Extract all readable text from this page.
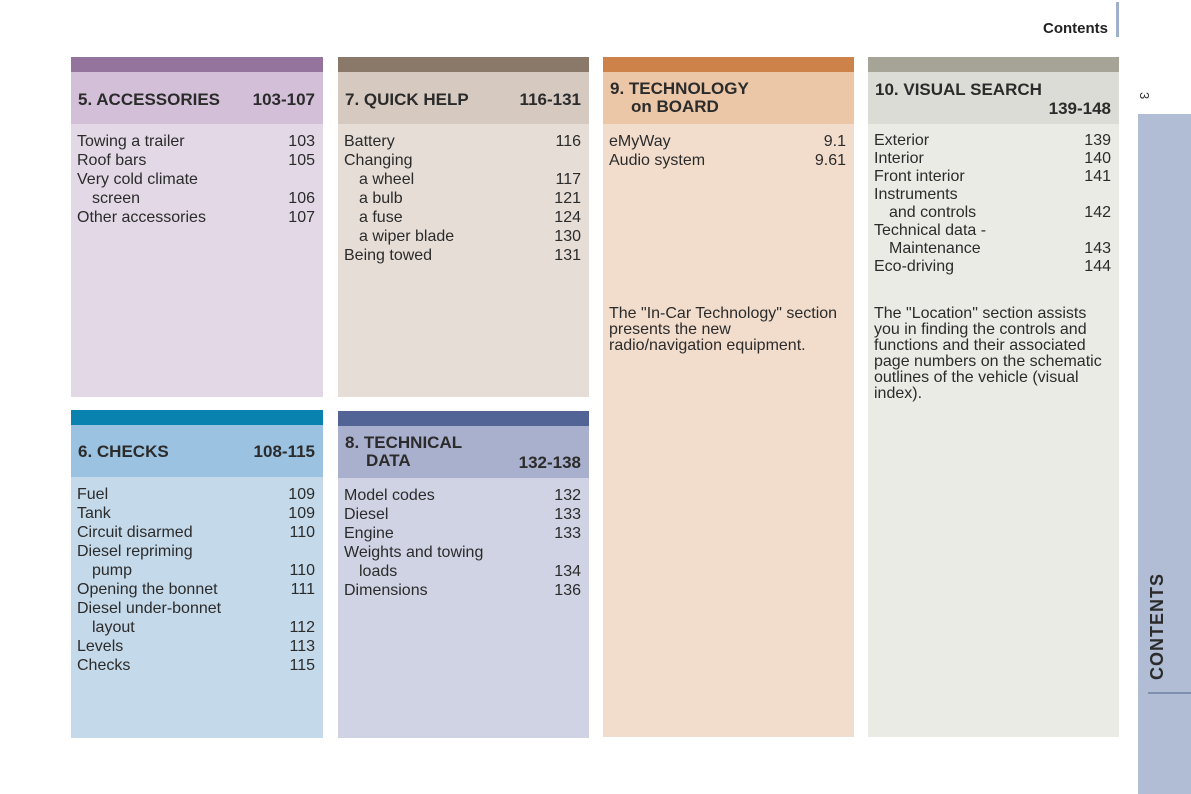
Contents
3
CONTENTS
5. ACCESSORIES 103-107
Towing a trailer	103
Roof bars	105
Very cold climate
screen	106
Other accessories	107
7. QUICK HELP	116-131
Battery	116
Changing
a wheel	117
a bulb	121
a fuse	124
a wiper blade	130
Being towed	131
9. TECHNOLOGY
on BOARD
eMyWay	9.1
Audio system	9.61

The "In-Car Technology" section presents the new radio/navigation equipment.

10. VISUAL SEARCH
139-148
Exterior	139
Interior	140
Front interior	141
Instruments
and controls	142
Technical data -
Maintenance	143
Eco-driving	144

The "Location" section assists you in finding the controls and functions and their associated page numbers on the schematic outlines of the vehicle (visual index).

6. CHECKS	108-115
Fuel	109
Tank	109
Circuit disarmed	110
Diesel repriming
pump	110
Opening the bonnet	111
Diesel under-bonnet
layout	112
Levels	113
Checks	115
8. TECHNICAL
DATA	132-138
Model codes	132
Diesel	133
Engine	133
Weights and towing
loads	134
Dimensions	136
